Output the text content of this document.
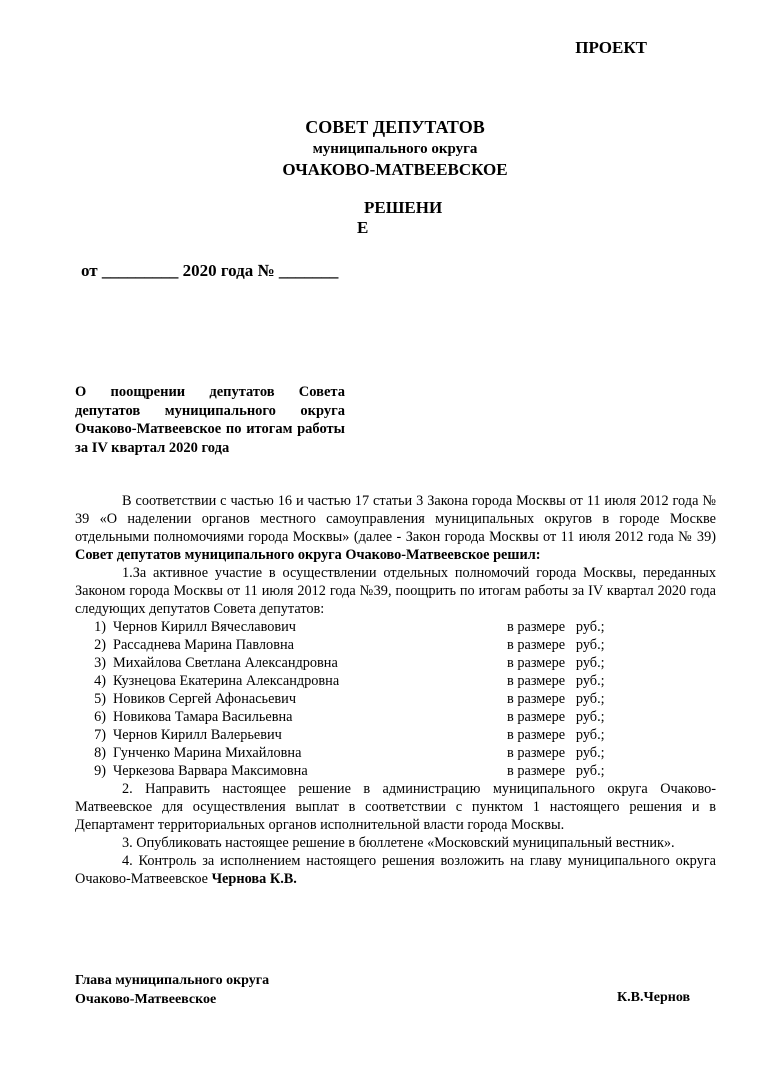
ПРОЕКТ
СОВЕТ ДЕПУТАТОВ
муниципального округа
ОЧАКОВО-МАТВЕЕВСКОЕ
РЕШЕНИ
Е
от _________ 2020 года № _______
О поощрении депутатов Совета депутатов муниципального округа Очаково-Матвеевское по итогам работы за IV квартал 2020 года

В соответствии с частью 16 и частью 17 статьи 3 Закона города Москвы от 11 июля 2012 года № 39 «О наделении органов местного самоуправления муниципальных округов в городе Москве отдельными полномочиями города Москвы» (далее - Закон города Москвы от 11 июля 2012 года № 39) Совет депутатов муниципального округа Очаково-Матвеевское решил:

1.За активное участие в осуществлении отдельных полномочий города Москвы, переданных Законом города Москвы от 11 июля 2012 года №39, поощрить по итогам работы за IV квартал 2020 года следующих депутатов Совета депутатов:

1) Чернов Кирилл Вячеславович	в размере   руб.;
2) Рассаднева Марина Павловна	в размере   руб.;
3) Михайлова Светлана Александровна	в размере   руб.;
4) Кузнецова Екатерина Александровна	в размере   руб.;
5) Новиков Сергей Афонасьевич	в размере   руб.;
6) Новикова Тамара Васильевна	в размере   руб.;
7) Чернов Кирилл Валерьевич	в размере   руб.;
8) Гунченко Марина Михайловна	в размере   руб.;
9) Черкезова Варвара Максимовна	в размере   руб.;

2. Направить настоящее решение в администрацию муниципального округа Очаково-Матвеевское для осуществления выплат в соответствии с пунктом 1 настоящего решения и в Департамент территориальных органов исполнительной власти города Москвы.

3. Опубликовать настоящее решение в бюллетене «Московский муниципальный вестник».

4. Контроль за исполнением настоящего решения возложить на главу муниципального округа Очаково-Матвеевское Чернова К.В.

Глава муниципального округа
Очаково-Матвеевское	К.В.Чернов
